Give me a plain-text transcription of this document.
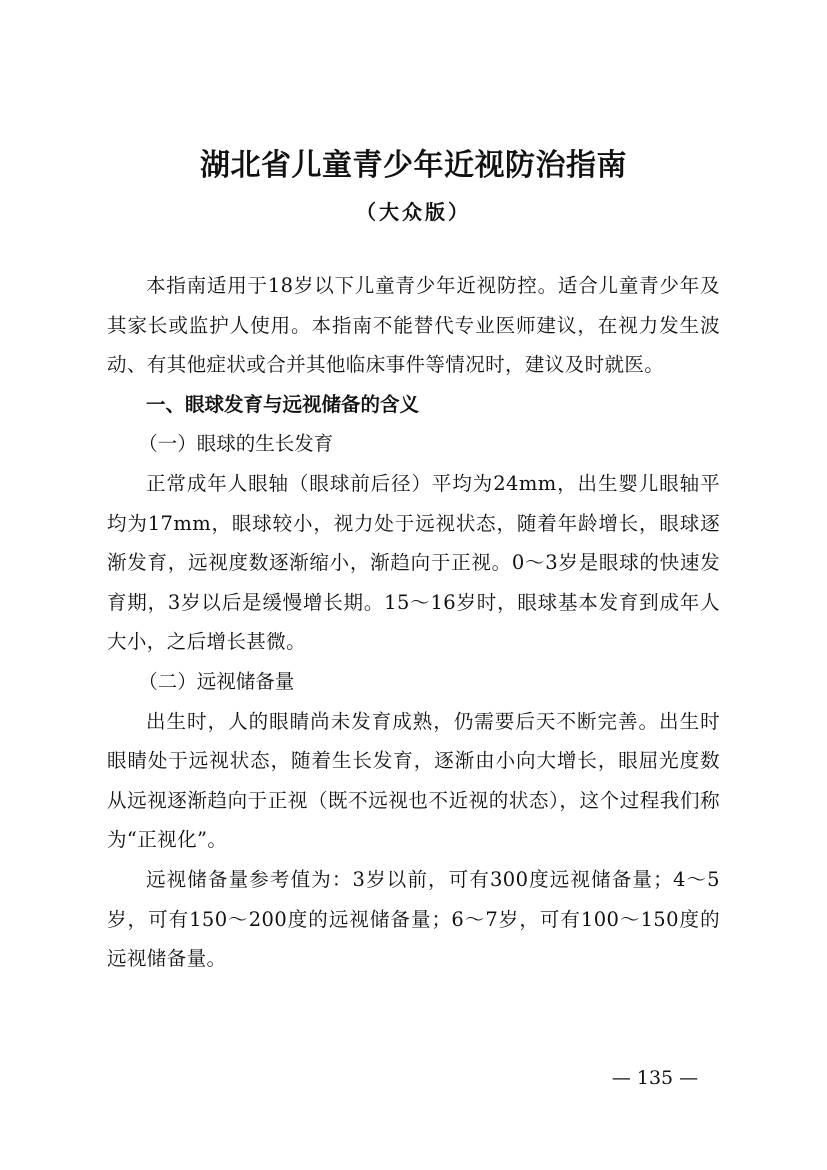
湖北省儿童青少年近视防治指南
（大众版）

本指南适用于18岁以下儿童青少年近视防控。适合儿童青少年及其家长或监护人使用。本指南不能替代专业医师建议，在视力发生波动、有其他症状或合并其他临床事件等情况时，建议及时就医。

一、眼球发育与远视储备的含义

（一）眼球的生长发育

正常成年人眼轴（眼球前后径）平均为24mm，出生婴儿眼轴平均为17mm，眼球较小，视力处于远视状态，随着年龄增长，眼球逐渐发育，远视度数逐渐缩小，渐趋向于正视。0～3岁是眼球的快速发育期，3岁以后是缓慢增长期。15～16岁时，眼球基本发育到成年人大小，之后增长甚微。

（二）远视储备量

出生时，人的眼睛尚未发育成熟，仍需要后天不断完善。出生时眼睛处于远视状态，随着生长发育，逐渐由小向大增长，眼屈光度数从远视逐渐趋向于正视（既不远视也不近视的状态），这个过程我们称为“正视化”。

远视储备量参考值为：3岁以前，可有300度远视储备量；4～5岁，可有150～200度的远视储备量；6～7岁，可有100～150度的远视储备量。

— 135 —
